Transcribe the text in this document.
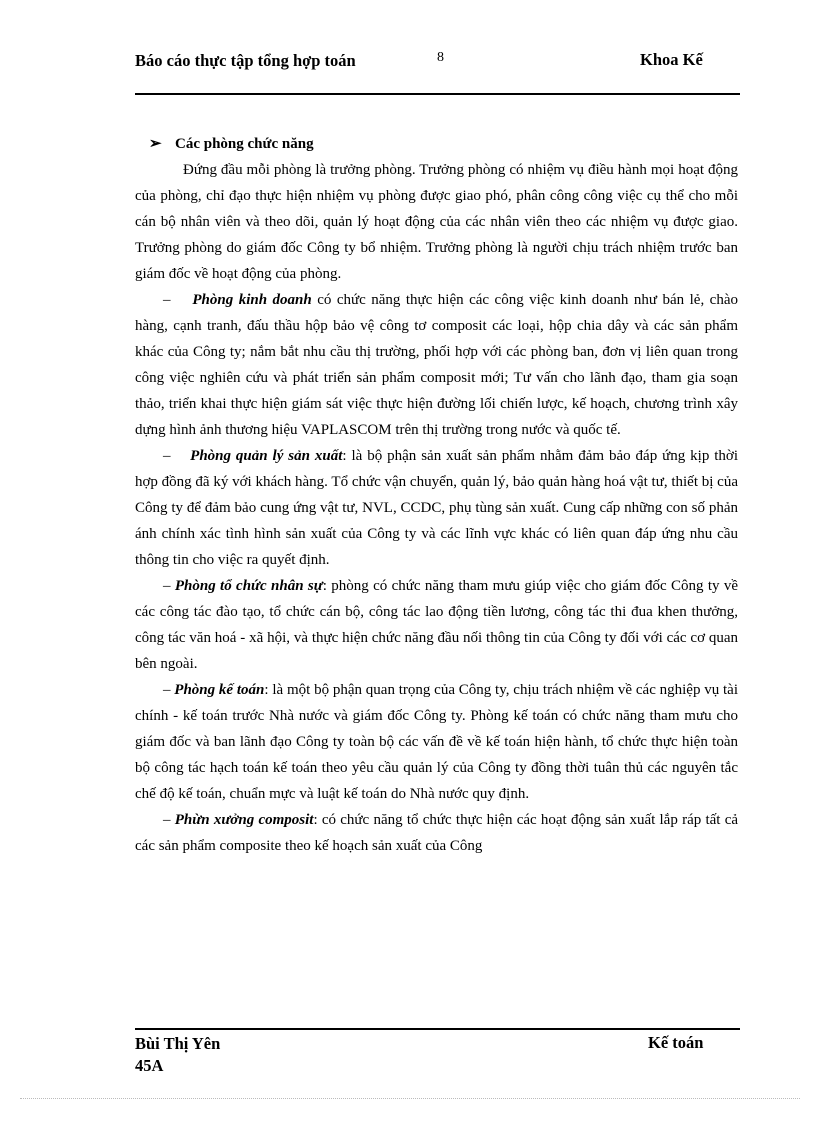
Báo cáo thực tập tổng hợp toán	8	Khoa Kế

➢ Các phòng chức năng

Đứng đầu mỗi phòng là trưởng phòng. Trưởng phòng có nhiệm vụ điều hành mọi hoạt động của phòng, chỉ đạo thực hiện nhiệm vụ phòng được giao phó, phân công công việc cụ thể cho mỗi cán bộ nhân viên và theo dõi, quản lý hoạt động của các nhân viên theo các nhiệm vụ được giao. Trưởng phòng do giám đốc Công ty bổ nhiệm. Trưởng phòng là người chịu trách nhiệm trước ban giám đốc về hoạt động của phòng.

– Phòng kinh doanh có chức năng thực hiện các công việc kinh doanh như bán lẻ, chào hàng, cạnh tranh, đấu thầu hộp bảo vệ công tơ composit các loại, hộp chia dây và các sản phẩm khác của Công ty; nắm bắt nhu cầu thị trường, phối hợp với các phòng ban, đơn vị liên quan trong công việc nghiên cứu và phát triển sản phẩm composit mới; Tư vấn cho lãnh đạo, tham gia soạn thảo, triển khai thực hiện giám sát việc thực hiện đường lối chiến lược, kế hoạch, chương trình xây dựng hình ảnh thương hiệu VAPLASCOM trên thị trường trong nước và quốc tế.

– Phòng quản lý sản xuất: là bộ phận sản xuất sản phẩm nhằm đảm bảo đáp ứng kịp thời hợp đồng đã ký với khách hàng. Tổ chức vận chuyển, quản lý, bảo quản hàng hoá vật tư, thiết bị của Công ty để đảm bảo cung ứng vật tư, NVL, CCDC, phụ tùng sản xuất. Cung cấp những con số phản ánh chính xác tình hình sản xuất của Công ty và các lĩnh vực khác có liên quan đáp ứng nhu cầu thông tin cho việc ra quyết định.

– Phòng tổ chức nhân sự: phòng có chức năng tham mưu giúp việc cho giám đốc Công ty về các công tác đào tạo, tổ chức cán bộ, công tác lao động tiền lương, công tác thi đua khen thưởng, công tác văn hoá - xã hội, và thực hiện chức năng đầu nối thông tin của Công ty đối với các cơ quan bên ngoài.

– Phòng kế toán: là một bộ phận quan trọng của Công ty, chịu trách nhiệm về các nghiệp vụ tài chính - kế toán trước Nhà nước và giám đốc Công ty. Phòng kế toán có chức năng tham mưu cho giám đốc và ban lãnh đạo Công ty toàn bộ các vấn đề về kế toán hiện hành, tổ chức thực hiện toàn bộ công tác hạch toán kế toán theo yêu cầu quản lý của Công ty đồng thời tuân thủ các nguyên tắc chế độ kế toán, chuẩn mực và luật kế toán do Nhà nước quy định.

– Phừn xưởng composit: có chức năng tổ chức thực hiện các hoạt động sản xuất lắp ráp tất cả các sản phẩm composite theo kế hoạch sản xuất của Công

Bùi Thị Yên 45A
Kế toán
